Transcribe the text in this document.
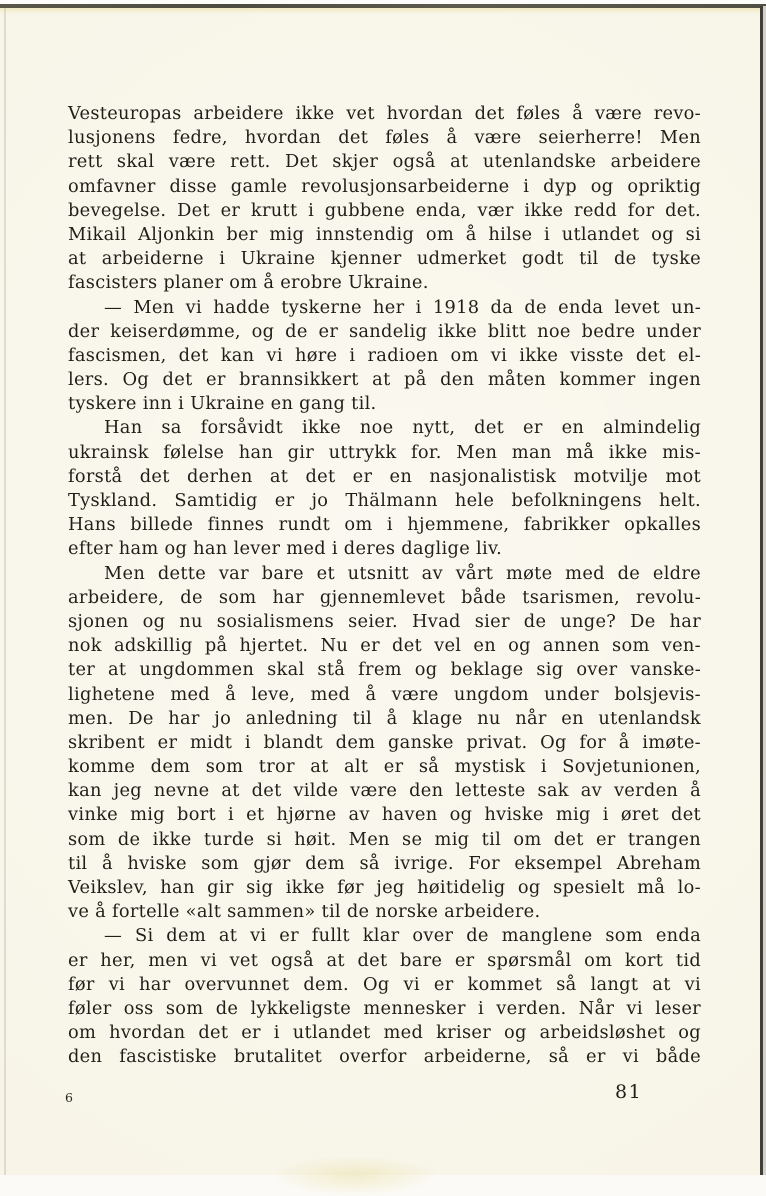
Vesteuropas arbeidere ikke vet hvordan det føles å være revo-
lusjonens fedre, hvordan det føles å være seierherre! Men
rett skal være rett. Det skjer også at utenlandske arbeidere
omfavner disse gamle revolusjonsarbeiderne i dyp og opriktig
bevegelse. Det er krutt i gubbene enda, vær ikke redd for det.
Mikail Aljonkin ber mig innstendig om å hilse i utlandet og si
at arbeiderne i Ukraine kjenner udmerket godt til de tyske
fascisters planer om å erobre Ukraine.
— Men vi hadde tyskerne her i 1918 da de enda levet un-
der keiserdømme, og de er sandelig ikke blitt noe bedre under
fascismen, det kan vi høre i radioen om vi ikke visste det el-
lers. Og det er brannsikkert at på den måten kommer ingen
tyskere inn i Ukraine en gang til.
Han sa forsåvidt ikke noe nytt, det er en almindelig
ukrainsk følelse han gir uttrykk for. Men man må ikke mis-
forstå det derhen at det er en nasjonalistisk motvilje mot
Tyskland. Samtidig er jo Thälmann hele befolkningens helt.
Hans billede finnes rundt om i hjemmene, fabrikker opkalles
efter ham og han lever med i deres daglige liv.
Men dette var bare et utsnitt av vårt møte med de eldre
arbeidere, de som har gjennemlevet både tsarismen, revolu-
sjonen og nu sosialismens seier. Hvad sier de unge? De har
nok adskillig på hjertet. Nu er det vel en og annen som ven-
ter at ungdommen skal stå frem og beklage sig over vanske-
lighetene med å leve, med å være ungdom under bolsjevis-
men. De har jo anledning til å klage nu når en utenlandsk
skribent er midt i blandt dem ganske privat. Og for å imøte-
komme dem som tror at alt er så mystisk i Sovjetunionen,
kan jeg nevne at det vilde være den letteste sak av verden å
vinke mig bort i et hjørne av haven og hviske mig i øret det
som de ikke turde si høit. Men se mig til om det er trangen
til å hviske som gjør dem så ivrige. For eksempel Abreham
Veikslev, han gir sig ikke før jeg høitidelig og spesielt må lo-
ve å fortelle «alt sammen» til de norske arbeidere.
— Si dem at vi er fullt klar over de manglene som enda
er her, men vi vet også at det bare er spørsmål om kort tid
før vi har overvunnet dem. Og vi er kommet så langt at vi
føler oss som de lykkeligste mennesker i verden. Når vi leser
om hvordan det er i utlandet med kriser og arbeidsløshet og
den fascistiske brutalitet overfor arbeiderne, så er vi både
6	81
